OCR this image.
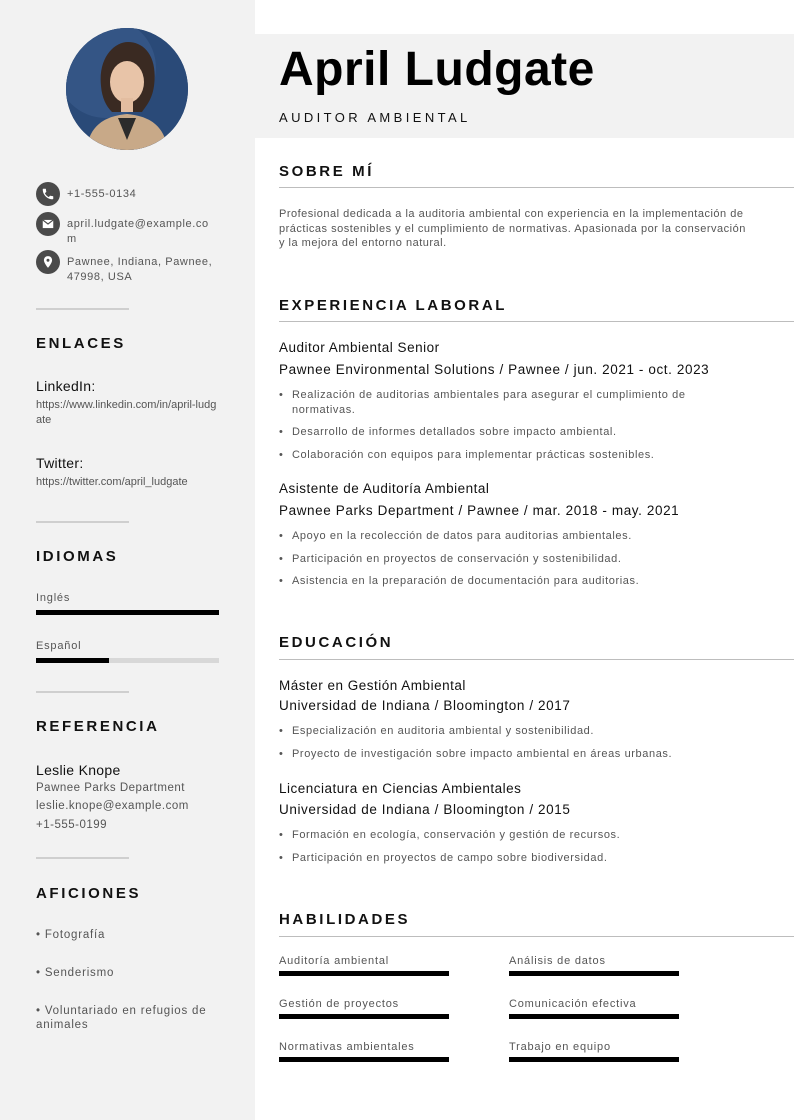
+1-555-0134
april.ludgate@example.com
Pawnee, Indiana, Pawnee, 47998, USA
ENLACES
LinkedIn:
https://www.linkedin.com/in/april-ludgate
Twitter:
https://twitter.com/april_ludgate
IDIOMAS
Inglés
Español
REFERENCIA
Leslie Knope
Pawnee Parks Department
leslie.knope@example.com
+1-555-0199
AFICIONES
• Fotografía
• Senderismo
• Voluntariado en refugios de animales
April Ludgate
AUDITOR AMBIENTAL
SOBRE MÍ
Profesional dedicada a la auditoria ambiental con experiencia en la implementación de prácticas sostenibles y el cumplimiento de normativas. Apasionada por la conservación y la mejora del entorno natural.
EXPERIENCIA LABORAL
Auditor Ambiental Senior
Pawnee Environmental Solutions / Pawnee / jun. 2021 - oct. 2023
• Realización de auditorias ambientales para asegurar el cumplimiento de normativas.
• Desarrollo de informes detallados sobre impacto ambiental.
• Colaboración con equipos para implementar prácticas sostenibles.
Asistente de Auditoría Ambiental
Pawnee Parks Department / Pawnee / mar. 2018 - may. 2021
• Apoyo en la recolección de datos para auditorias ambientales.
• Participación en proyectos de conservación y sostenibilidad.
• Asistencia en la preparación de documentación para auditorias.
EDUCACIÓN
Máster en Gestión Ambiental
Universidad de Indiana / Bloomington / 2017
• Especialización en auditoria ambiental y sostenibilidad.
• Proyecto de investigación sobre impacto ambiental en áreas urbanas.
Licenciatura en Ciencias Ambientales
Universidad de Indiana / Bloomington / 2015
• Formación en ecología, conservación y gestión de recursos.
• Participación en proyectos de campo sobre biodiversidad.
HABILIDADES
Auditoría ambiental	Análisis de datos
Gestión de proyectos	Comunicación efectiva
Normativas ambientales	Trabajo en equipo
